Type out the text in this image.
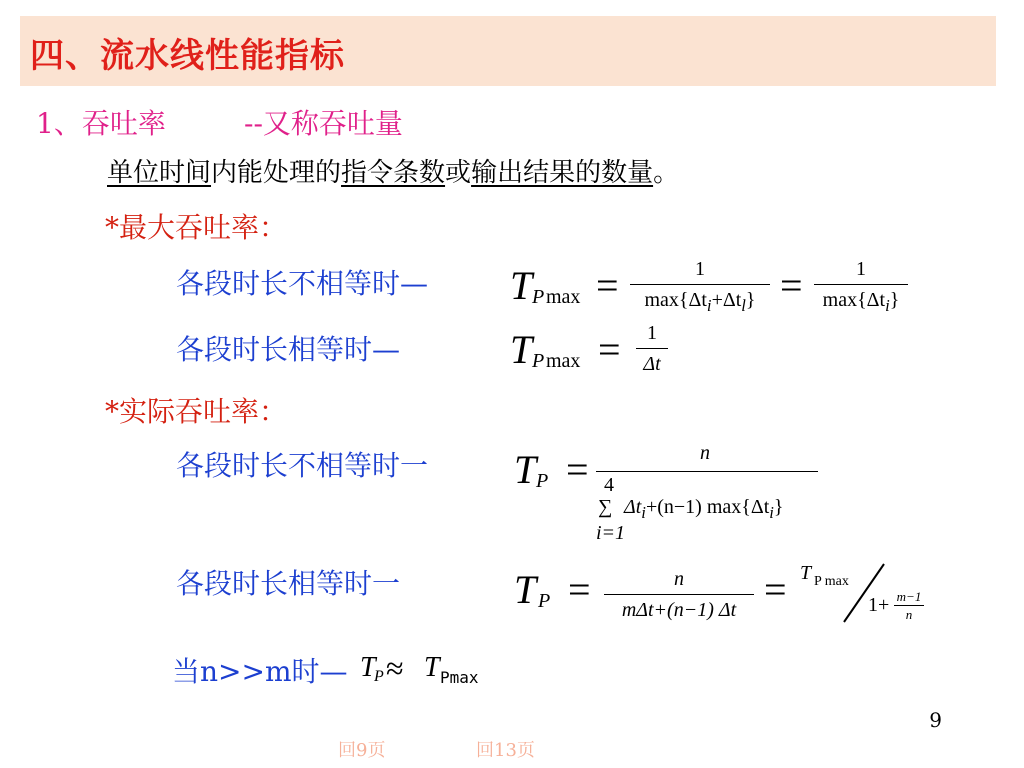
四、流水线性能指标
1、吞吐率	--又称吞吐量
单位时间内能处理的指令条数或输出结果的数量。
*最大吞吐率：
各段时长不相等时— T P max =	1
$\max\{\Delta t_i+\Delta t_l\}$ =	1
$\max\{\Delta t_i\}$
各段时长相等时—	T P max =	1
Δt
*实际吞吐率：
各段时长不相等时一 T P =	n
4
∑ $\Delta t_i+(n-1)$ $\max\{\Delta t_i\}$
i=1
各段时长相等时一	T P =	n
mΔt+(n−1) Δt = T P max
1+ m−1
n
当n>>m时— T
P ≈ T Pmax
9
回9页	回13页
